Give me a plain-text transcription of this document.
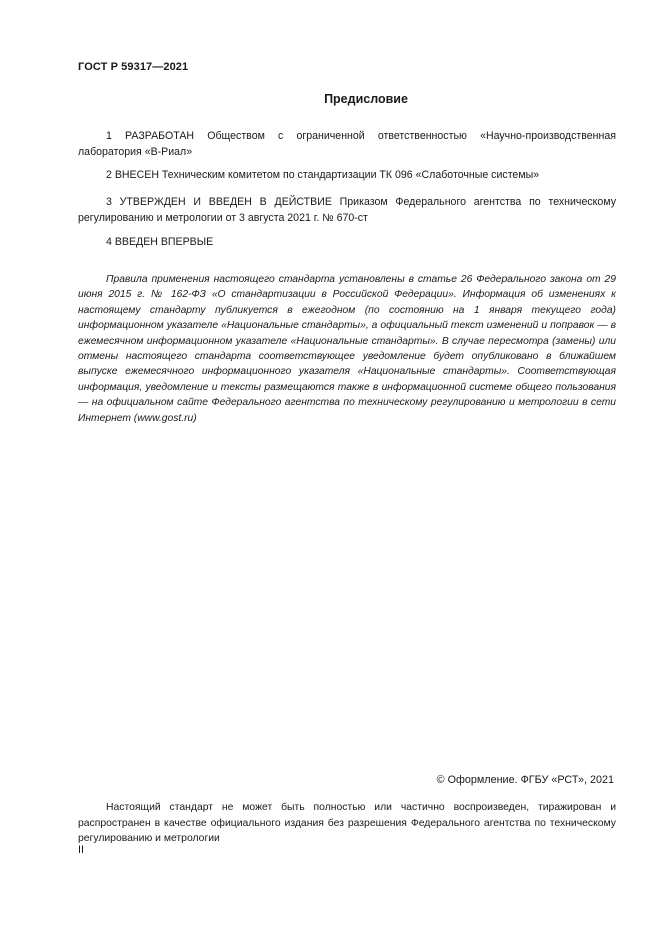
ГОСТ Р 59317—2021
Предисловие

1 РАЗРАБОТАН Обществом с ограниченной ответственностью «Научно-производственная лаборатория «В-Риал»

2 ВНЕСЕН Техническим комитетом по стандартизации ТК 096 «Слаботочные системы»

3 УТВЕРЖДЕН И ВВЕДЕН В ДЕЙСТВИЕ Приказом Федерального агентства по техническому регулированию и метрологии от 3 августа 2021 г. № 670-ст

4 ВВЕДЕН ВПЕРВЫЕ

Правила применения настоящего стандарта установлены в статье 26 Федерального закона от 29 июня 2015 г. № 162-ФЗ «О стандартизации в Российской Федерации». Информация об изменениях к настоящему стандарту публикуется в ежегодном (по состоянию на 1 января текущего года) информационном указателе «Национальные стандарты», а официальный текст изменений и поправок — в ежемесячном информационном указателе «Национальные стандарты». В случае пересмотра (замены) или отмены настоящего стандарта соответствующее уведомление будет опубликовано в ближайшем выпуске ежемесячного информационного указателя «Национальные стандарты». Соответствующая информация, уведомление и тексты размещаются также в информационной системе общего пользования — на официальном сайте Федерального агентства по техническому регулированию и метрологии в сети Интернет (www.gost.ru)

© Оформление. ФГБУ «РСТ», 2021

Настоящий стандарт не может быть полностью или частично воспроизведен, тиражирован и распространен в качестве официального издания без разрешения Федерального агентства по техническому регулированию и метрологии

II
